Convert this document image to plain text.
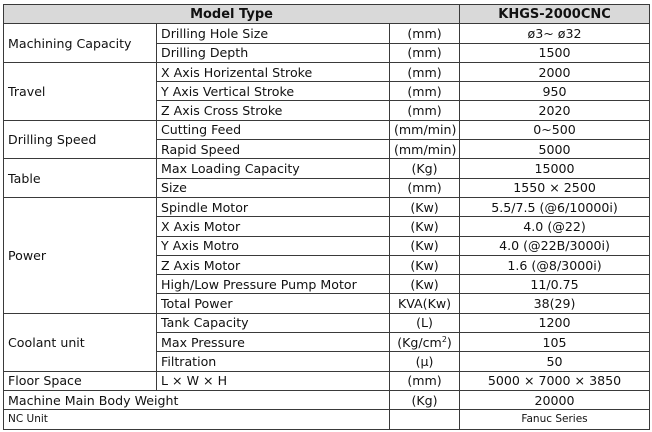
Model Type			KHGS-2000CNC
Machining Capacity	Drilling Hole Size	(mm)	ø3~ ø32
	Drilling Depth	(mm)	1500
Travel	X Axis Horizental Stroke	(mm)	2000
	Y Axis Vertical Stroke	(mm)	950
	Z Axis Cross Stroke	(mm)	2020
Drilling Speed	Cutting Feed	(mm/min)	0~500
	Rapid Speed	(mm/min)	5000
Table	Max Loading Capacity	(Kg)	15000
	Size	(mm)	1550 × 2500
Power	Spindle Motor	(Kw)	5.5/7.5 (@6/10000i)
	X Axis Motor	(Kw)	4.0 (@22)
	Y Axis Motro	(Kw)	4.0 (@22B/3000i)
	Z Axis Motor	(Kw)	1.6 (@8/3000i)
	High/Low Pressure Pump Motor	(Kw)	11/0.75
	Total Power	KVA(Kw)	38(29)
Coolant unit	Tank Capacity	(L)	1200
	Max Pressure	$(Kg/cm^2)$	105
	Filtration	(μ)	50
Floor Space	L × W × H	(mm)	5000 × 7000 × 3850
Machine Main Body Weight		(Kg)	20000
NC Unit			Fanuc Series
